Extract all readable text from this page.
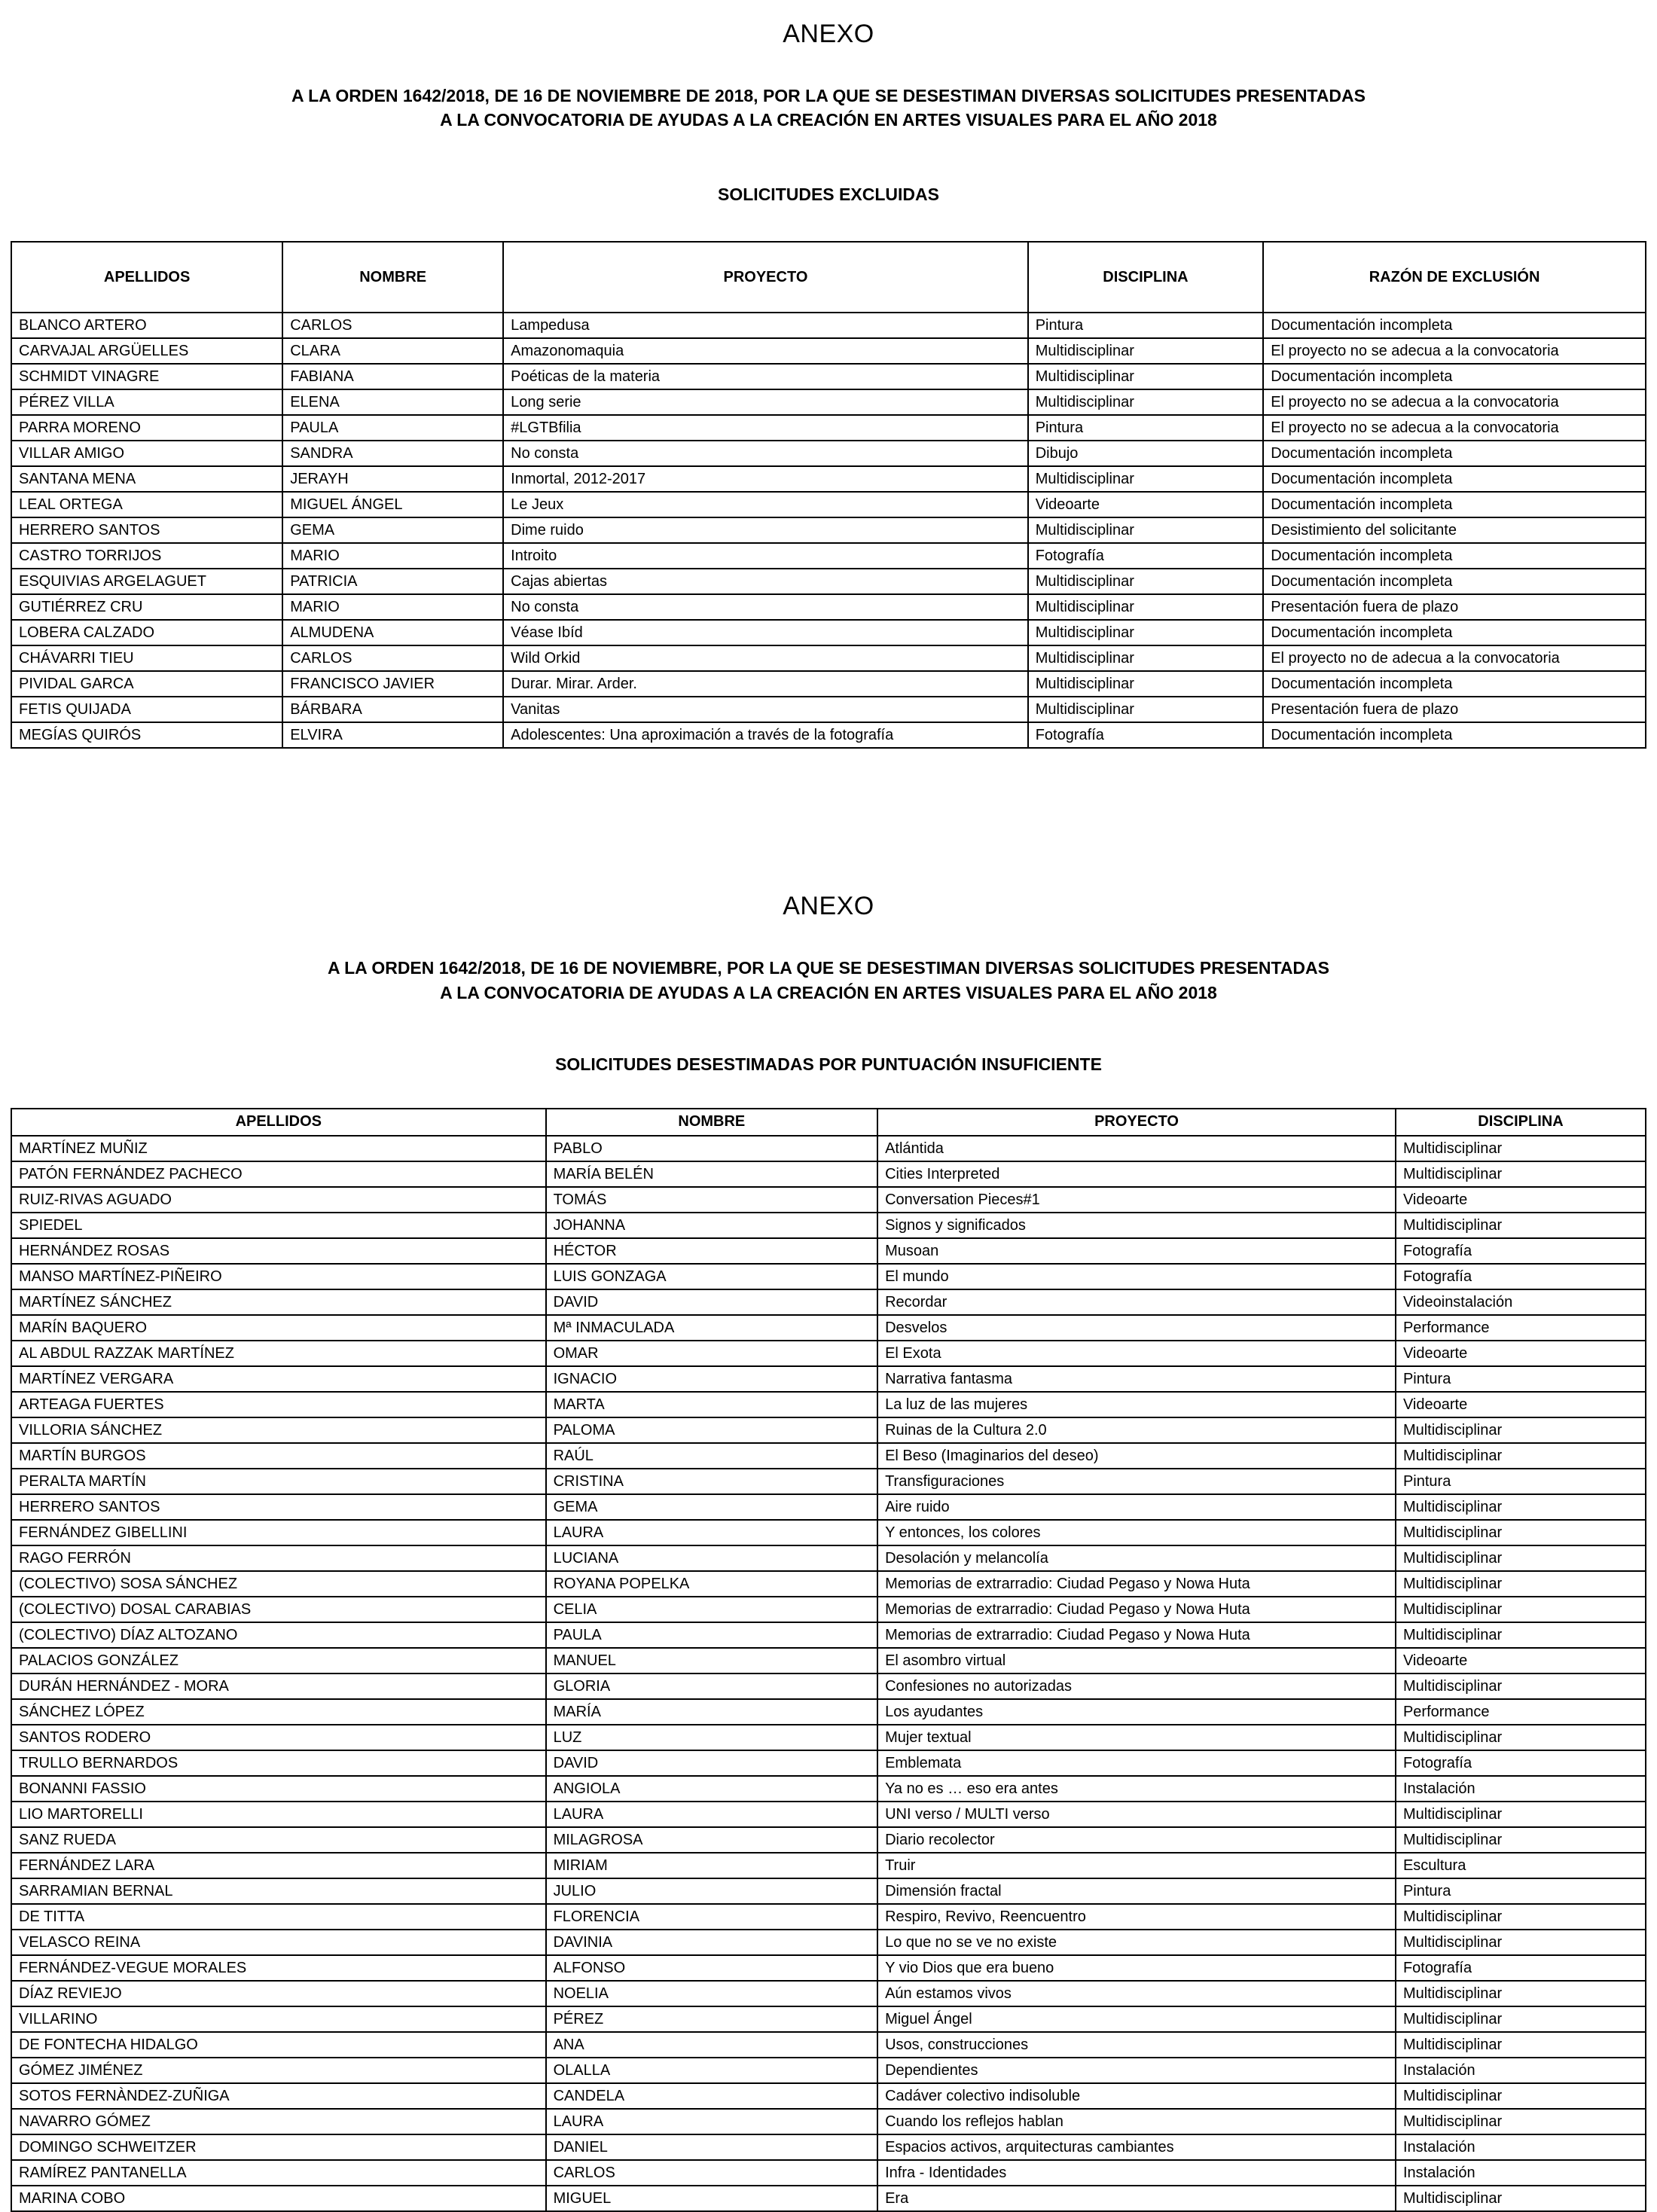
ANEXO

A LA ORDEN 1642/2018, DE 16 DE NOVIEMBRE DE 2018, POR LA QUE SE DESESTIMAN DIVERSAS SOLICITUDES PRESENTADAS
A LA CONVOCATORIA DE AYUDAS A LA CREACIÓN EN ARTES VISUALES PARA EL AÑO 2018

SOLICITUDES EXCLUIDAS

APELLIDOS	NOMBRE	PROYECTO	DISCIPLINA	RAZÓN DE EXCLUSIÓN
BLANCO ARTERO	CARLOS	Lampedusa	Pintura	Documentación incompleta
CARVAJAL ARGÜELLES	CLARA	Amazonomaquia	Multidisciplinar	El proyecto no se adecua a la convocatoria
SCHMIDT VINAGRE	FABIANA	Poéticas de la materia	Multidisciplinar	Documentación incompleta
PÉREZ VILLA	ELENA	Long serie	Multidisciplinar	El proyecto no se adecua a la convocatoria
PARRA MORENO	PAULA	#LGTBfilia	Pintura	El proyecto no se adecua a la convocatoria
VILLAR AMIGO	SANDRA	No consta	Dibujo	Documentación incompleta
SANTANA MENA	JERAYH	Inmortal, 2012-2017	Multidisciplinar	Documentación incompleta
LEAL ORTEGA	MIGUEL ÁNGEL	Le Jeux	Videoarte	Documentación incompleta
HERRERO SANTOS	GEMA	Dime ruido	Multidisciplinar	Desistimiento del solicitante
CASTRO TORRIJOS	MARIO	Introito	Fotografía	Documentación incompleta
ESQUIVIAS ARGELAGUET	PATRICIA	Cajas abiertas	Multidisciplinar	Documentación incompleta
GUTIÉRREZ CRU	MARIO	No consta	Multidisciplinar	Presentación fuera de plazo
LOBERA CALZADO	ALMUDENA	Véase Ibíd	Multidisciplinar	Documentación incompleta
CHÁVARRI TIEU	CARLOS	Wild Orkid	Multidisciplinar	El proyecto no de adecua a la convocatoria
PIVIDAL GARCA	FRANCISCO JAVIER	Durar. Mirar. Arder.	Multidisciplinar	Documentación incompleta
FETIS QUIJADA	BÁRBARA	Vanitas	Multidisciplinar	Presentación fuera de plazo
MEGÍAS QUIRÓS	ELVIRA	Adolescentes: Una aproximación a través de la fotografía	Fotografía	Documentación incompleta
ANEXO

A LA ORDEN 1642/2018, DE 16 DE NOVIEMBRE, POR LA QUE SE DESESTIMAN DIVERSAS SOLICITUDES PRESENTADAS
A LA CONVOCATORIA DE AYUDAS A LA CREACIÓN EN ARTES VISUALES PARA EL AÑO 2018

SOLICITUDES DESESTIMADAS POR PUNTUACIÓN INSUFICIENTE

APELLIDOS	NOMBRE	PROYECTO	DISCIPLINA
MARTÍNEZ MUÑIZ	PABLO	Atlántida	Multidisciplinar
PATÓN FERNÁNDEZ PACHECO	MARÍA BELÉN	Cities Interpreted	Multidisciplinar
RUIZ-RIVAS AGUADO	TOMÁS	Conversation Pieces#1	Videoarte
SPIEDEL	JOHANNA	Signos y significados	Multidisciplinar
HERNÁNDEZ ROSAS	HÉCTOR	Musoan	Fotografía
MANSO MARTÍNEZ-PIÑEIRO	LUIS GONZAGA	El mundo	Fotografía
MARTÍNEZ SÁNCHEZ	DAVID	Recordar	Videoinstalación
MARÍN BAQUERO	Mª INMACULADA	Desvelos	Performance
AL ABDUL RAZZAK MARTÍNEZ	OMAR	El Exota	Videoarte
MARTÍNEZ VERGARA	IGNACIO	Narrativa fantasma	Pintura
ARTEAGA FUERTES	MARTA	La luz de las mujeres	Videoarte
VILLORIA SÁNCHEZ	PALOMA	Ruinas de la Cultura 2.0	Multidisciplinar
MARTÍN BURGOS	RAÚL	El Beso (Imaginarios del deseo)	Multidisciplinar
PERALTA MARTÍN	CRISTINA	Transfiguraciones	Pintura
HERRERO SANTOS	GEMA	Aire ruido	Multidisciplinar
FERNÁNDEZ GIBELLINI	LAURA	Y entonces, los colores	Multidisciplinar
RAGO FERRÓN	LUCIANA	Desolación y melancolía	Multidisciplinar
(COLECTIVO) SOSA SÁNCHEZ	ROYANA POPELKA	Memorias de extrarradio: Ciudad Pegaso y Nowa Huta	Multidisciplinar
(COLECTIVO) DOSAL CARABIAS	CELIA	Memorias de extrarradio: Ciudad Pegaso y Nowa Huta	Multidisciplinar
(COLECTIVO) DÍAZ ALTOZANO	PAULA	Memorias de extrarradio: Ciudad Pegaso y Nowa Huta	Multidisciplinar
PALACIOS GONZÁLEZ	MANUEL	El asombro virtual	Videoarte
DURÁN HERNÁNDEZ - MORA	GLORIA	Confesiones no autorizadas	Multidisciplinar
SÁNCHEZ LÓPEZ	MARÍA	Los ayudantes	Performance
SANTOS RODERO	LUZ	Mujer textual	Multidisciplinar
TRULLO BERNARDOS	DAVID	Emblemata	Fotografía
BONANNI FASSIO	ANGIOLA	Ya no es … eso era antes	Instalación
LIO MARTORELLI	LAURA	UNI verso / MULTI verso	Multidisciplinar
SANZ RUEDA	MILAGROSA	Diario recolector	Multidisciplinar
FERNÁNDEZ LARA	MIRIAM	Truir	Escultura
SARRAMIAN BERNAL	JULIO	Dimensión fractal	Pintura
DE TITTA	FLORENCIA	Respiro, Revivo, Reencuentro	Multidisciplinar
VELASCO REINA	DAVINIA	Lo que no se ve no existe	Multidisciplinar
FERNÁNDEZ-VEGUE MORALES	ALFONSO	Y vio Dios que era bueno	Fotografía
DÍAZ REVIEJO	NOELIA	Aún estamos vivos	Multidisciplinar
VILLARINO	PÉREZ	Miguel Ángel	Multidisciplinar
DE FONTECHA HIDALGO	ANA	Usos, construcciones	Multidisciplinar
GÓMEZ JIMÉNEZ	OLALLA	Dependientes	Instalación
SOTOS FERNÀNDEZ-ZUÑIGA	CANDELA	Cadáver colectivo indisoluble	Multidisciplinar
NAVARRO GÓMEZ	LAURA	Cuando los reflejos hablan	Multidisciplinar
DOMINGO SCHWEITZER	DANIEL	Espacios activos, arquitecturas cambiantes	Instalación
RAMÍREZ PANTANELLA	CARLOS	Infra - Identidades	Instalación
MARINA COBO	MIGUEL	Era	Multidisciplinar
